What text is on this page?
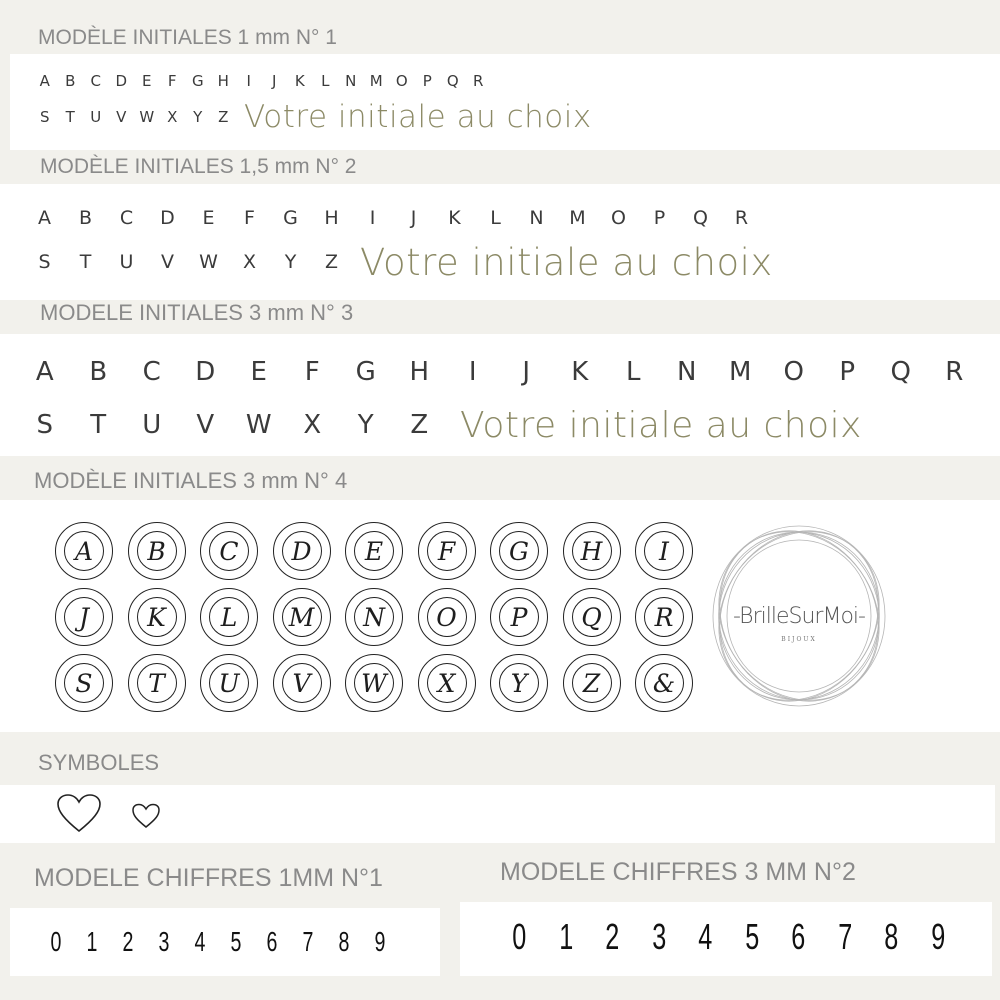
MODÈLE INITIALES 1 mm N° 1
A	B	C D E	F	G H	I	J	K	L	N M O	P	Q R
S	T	U V W X	Y	Z Votre initiale au choix
MODÈLE INITIALES 1,5 mm N° 2
A	B	C	D	E	F	G	H	I	J	K	L	N	M	O	P	Q	R
S	T	U	V	W	X	Y	Z Votre initiale au choix
MODELE INITIALES 3 mm N° 3
A	B	C	D	E	F	G	H	I	J	K	L	N	M	O	P	Q	R
S	T	U	V	W	X	Y	Z Votre initiale au choix
MODÈLE INITIALES 3 mm N° 4
A	B	C	D	E	F	G	H	I
J	K	L	M	N	O	P	Q	R
S	T	U	V	W	X	Y	Z	&
-BrilleSurMoi-
BIJOUX
SYMBOLES
MODELE CHIFFRES 1MM N°1
0 1 2 3 4 5 6 7 8 9
MODELE CHIFFRES 3 MM N°2
0 1 2 3 4 5 6 7 8 9
